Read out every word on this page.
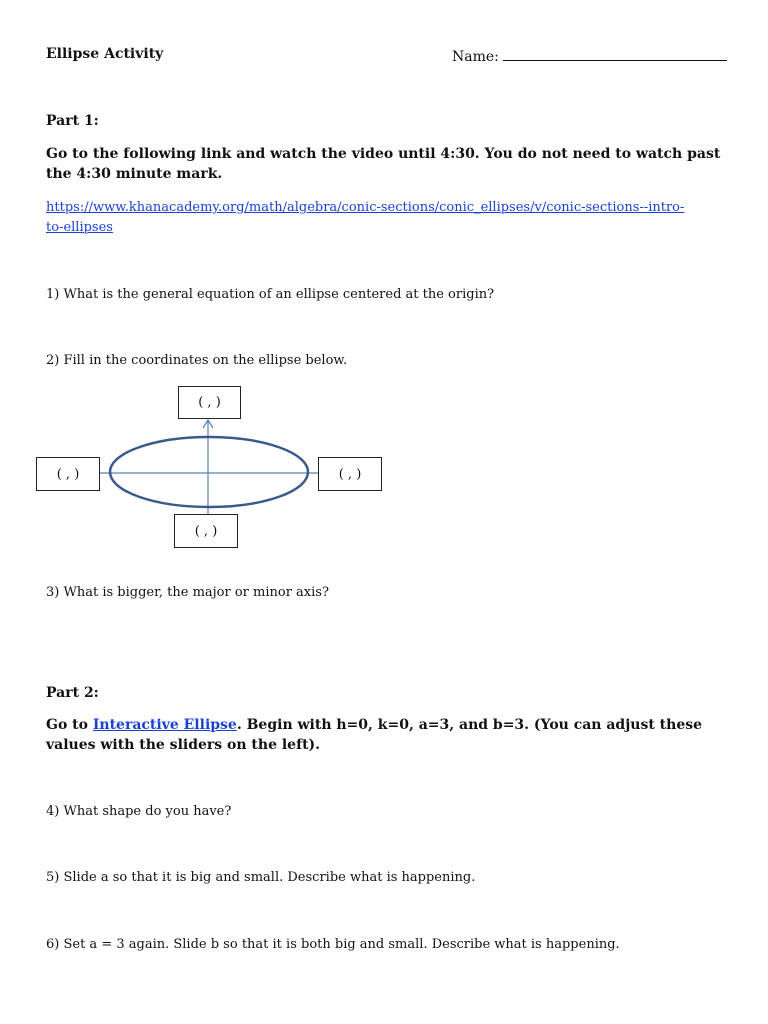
Ellipse Activity	Name:
Part 1:
Go to the following link and watch the video until 4:30. You do not need to watch past
the 4:30 minute mark.
https://www.khanacademy.org/math/algebra/conic-sections/conic_ellipses/v/conic-sections--intro-
to-ellipses
1) What is the general equation of an ellipse centered at the origin?
2) Fill in the coordinates on the ellipse below.
( , )
( , )	( , )
( , )
3) What is bigger, the major or minor axis?
Part 2:
Go to Interactive Ellipse. Begin with h=0, k=0, a=3, and b=3. (You can adjust these
values with the sliders on the left).
4) What shape do you have?
5) Slide a so that it is big and small. Describe what is happening.
6) Set a = 3 again. Slide b so that it is both big and small. Describe what is happening.
